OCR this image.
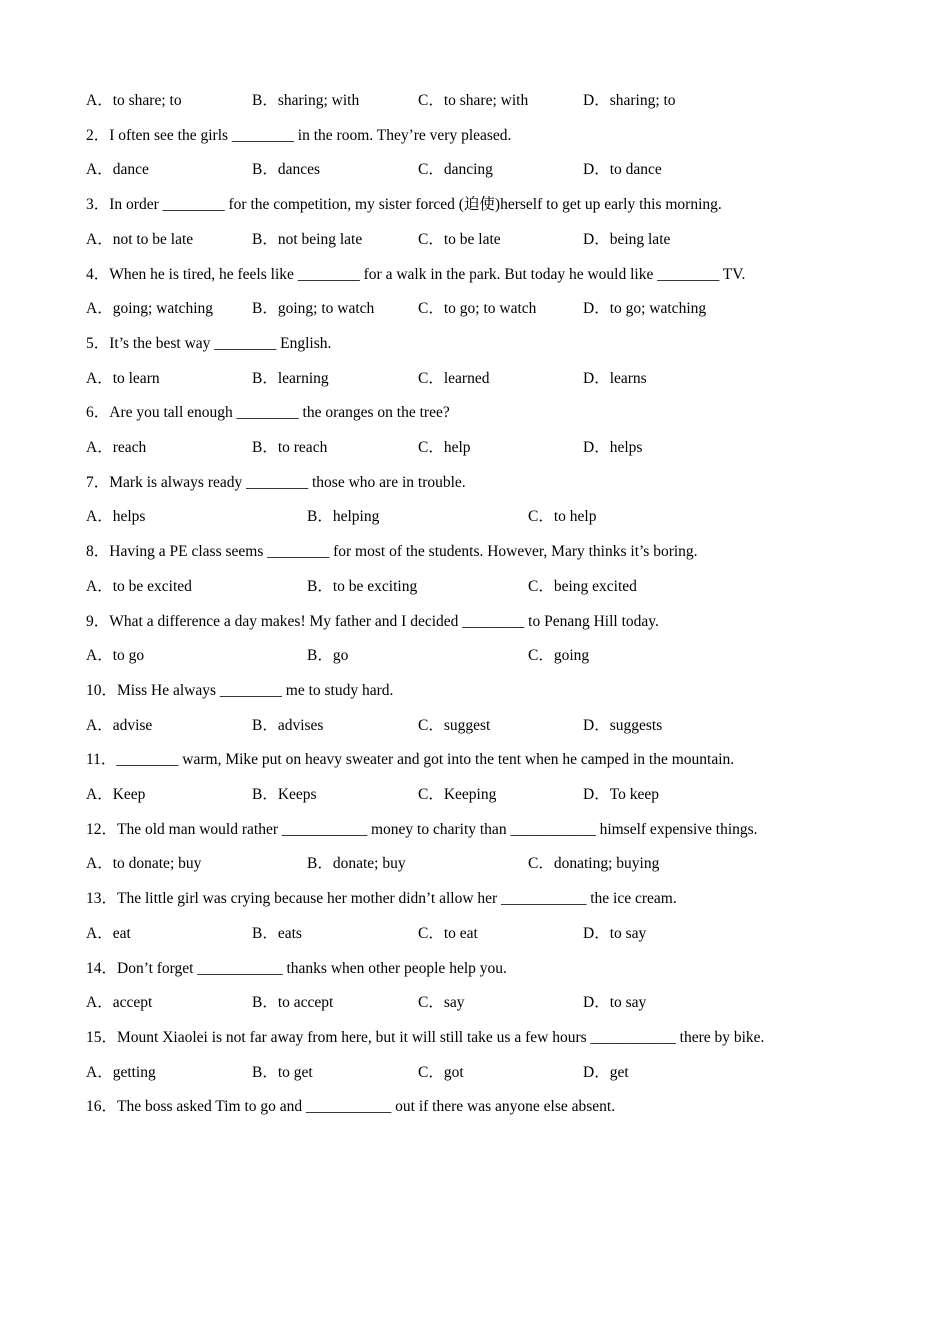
A．to share; to	B．sharing; with	C．to share; with	D．sharing; to
2．I often see the girls ________ in the room. They’re very pleased.
A．dance	B．dances	C．dancing	D．to dance
3．In order ________ for the competition, my sister forced (迫使)herself to get up early this morning.
A．not to be late	B．not being late	C．to be late	D．being late
4．When he is tired, he feels like ________ for a walk in the park. But today he would like ________ TV.
A．going; watching	B．going; to watch	C．to go; to watch	D．to go; watching
5．It’s the best way ________ English.
A．to learn	B．learning	C．learned	D．learns
6．Are you tall enough ________ the oranges on the tree?
A．reach	B．to reach	C．help	D．helps
7．Mark is always ready ________ those who are in trouble.
A．helps	B．helping	C．to help
8．Having a PE class seems ________ for most of the students. However, Mary thinks it’s boring.
A．to be excited	B．to be exciting	C．being excited
9．What a difference a day makes! My father and I decided ________ to Penang Hill today.
A．to go	B．go	C．going
10．Miss He always ________ me to study hard.
A．advise	B．advises	C．suggest	D．suggests
11．________ warm, Mike put on heavy sweater and got into the tent when he camped in the mountain.
A．Keep	B．Keeps	C．Keeping	D．To keep
12．The old man would rather ___________ money to charity than ___________ himself expensive things.
A．to donate; buy	B．donate; buy	C．donating; buying
13．The little girl was crying because her mother didn’t allow her ___________ the ice cream.
A．eat	B．eats	C．to eat	D．to say
14．Don’t forget ___________ thanks when other people help you.
A．accept	B．to accept	C．say	D．to say
15．Mount Xiaolei is not far away from here, but it will still take us a few hours ___________ there by bike.
A．getting	B．to get	C．got	D．get
16．The boss asked Tim to go and ___________ out if there was anyone else absent.
